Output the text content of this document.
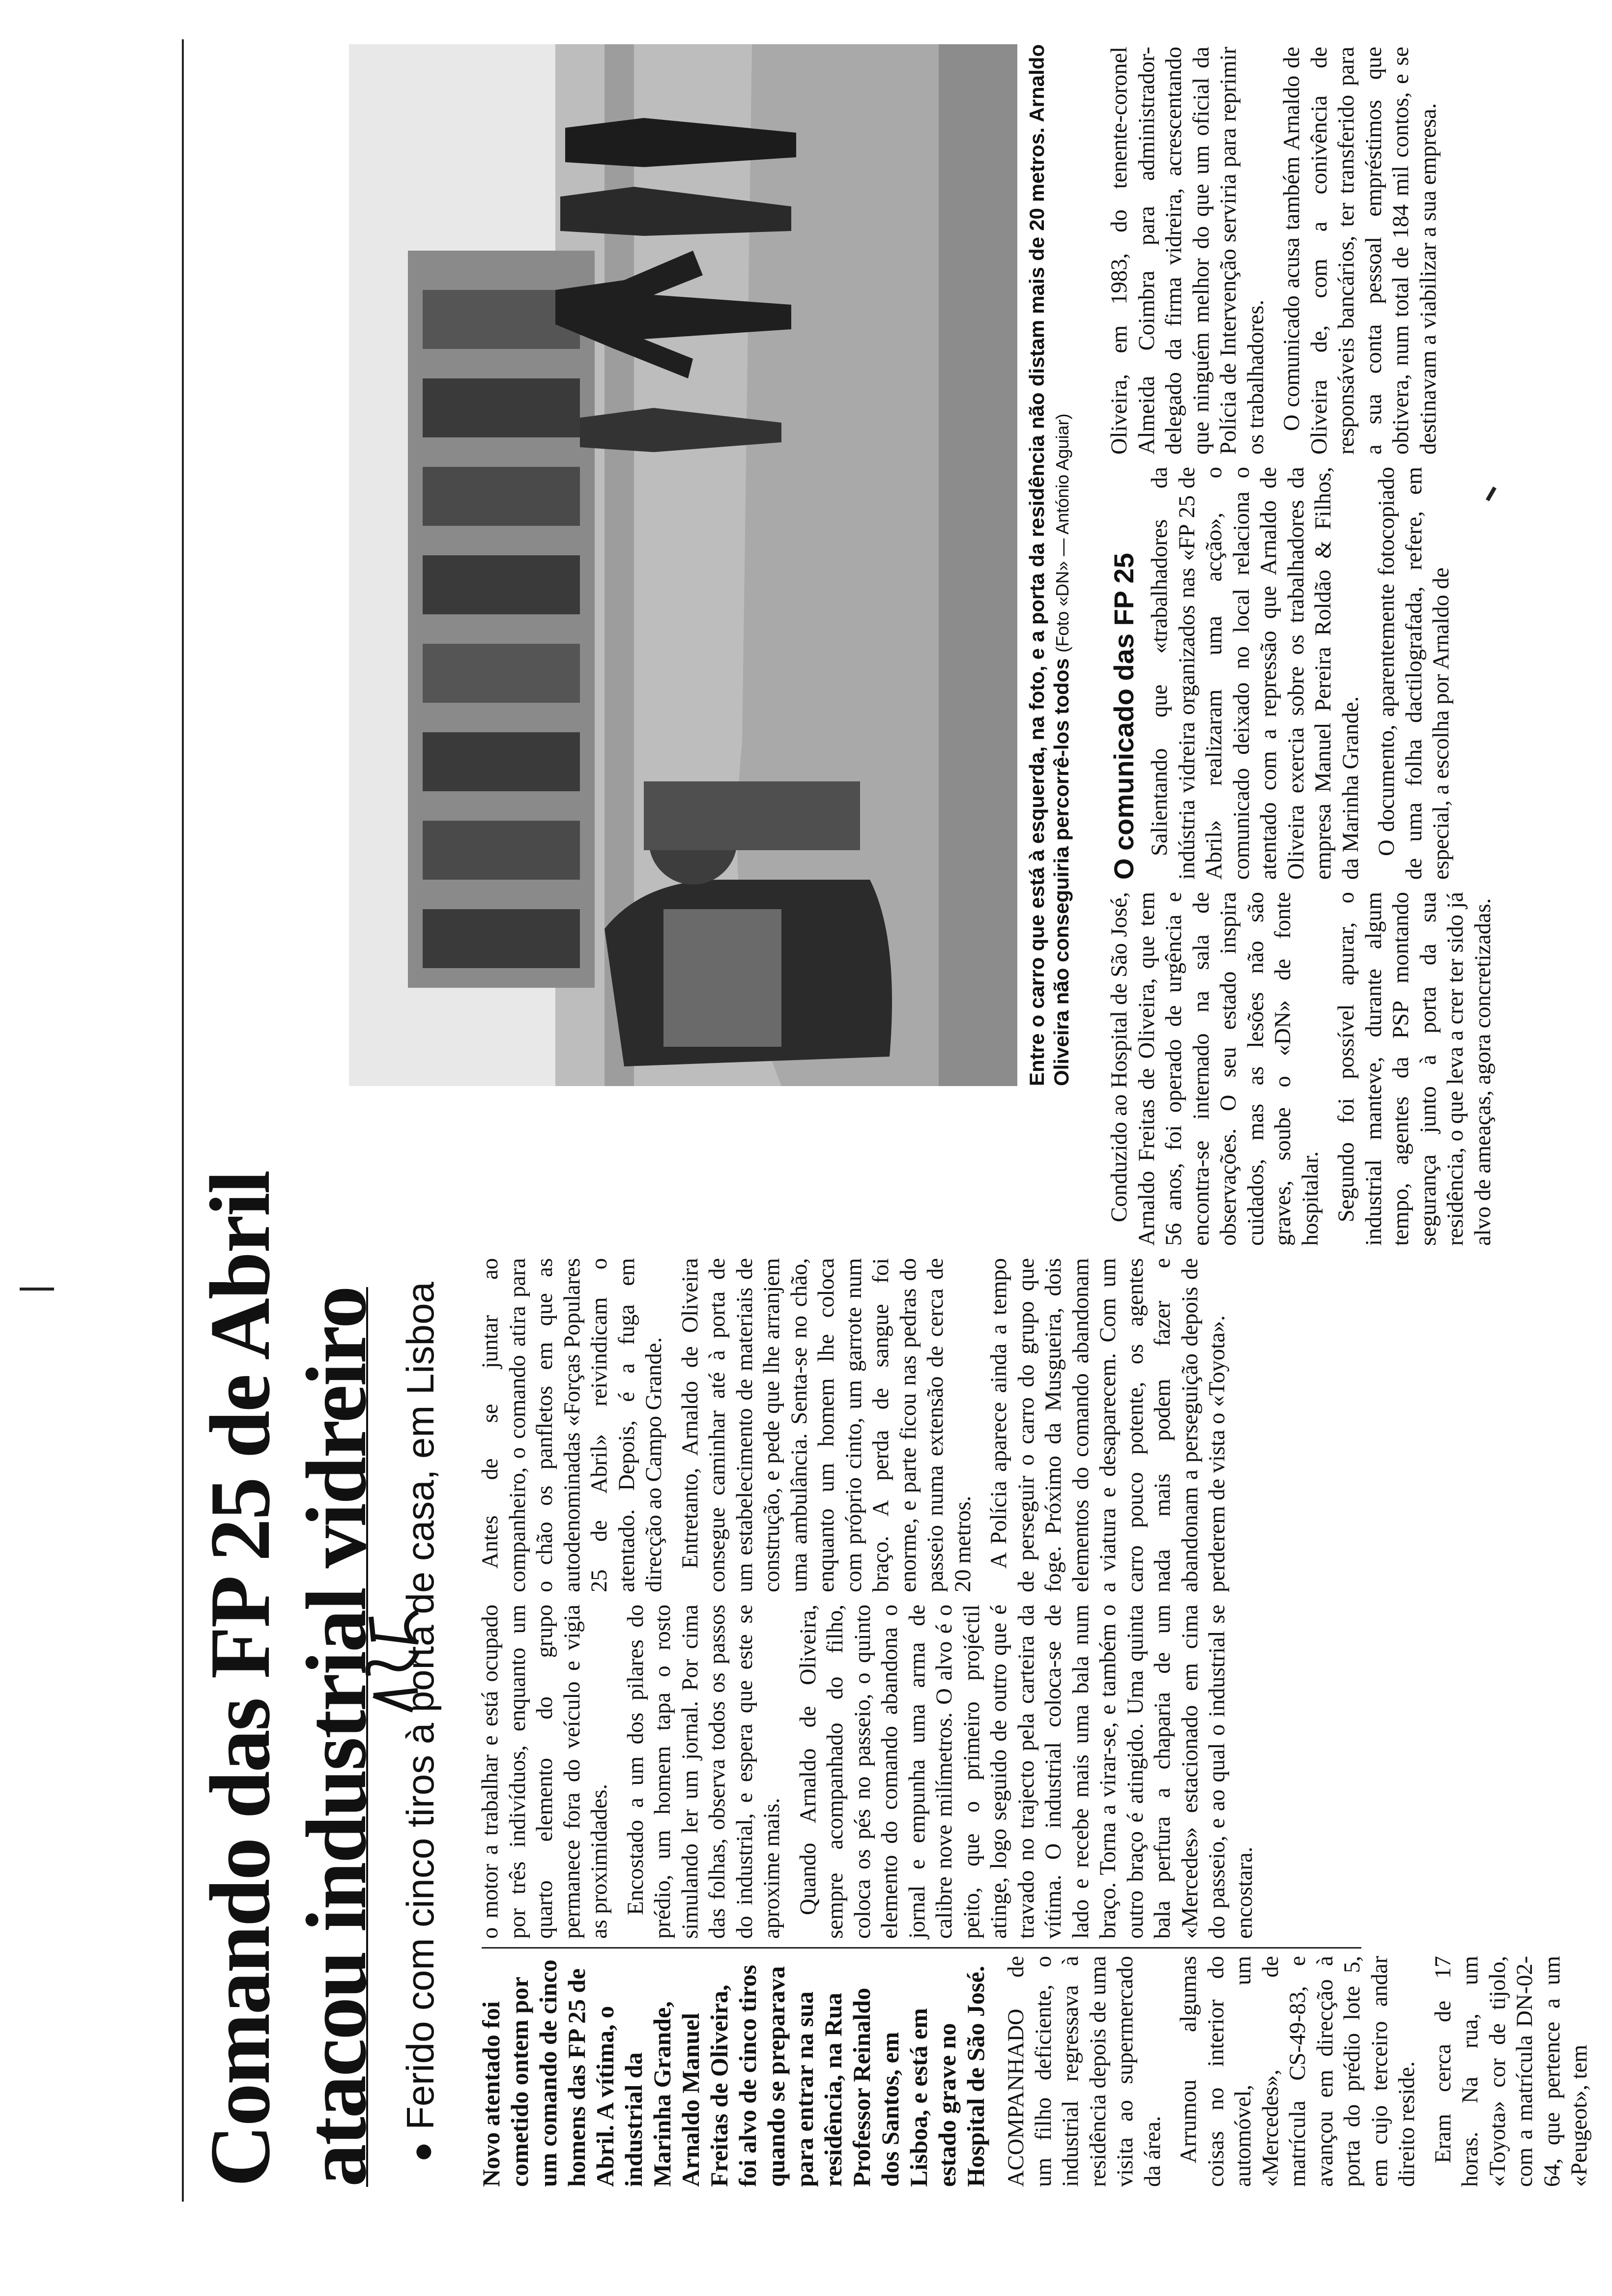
Comando das FP 25 de Abril atacou industrial vidreiro ●Ferido com cinco tiros à porta de casa, em Lisboa Novo atentado foi cometido ontem por um comando de cinco homens das FP 25 de Abril. A vítima, o industrial da Marinha Grande, Arnaldo Manuel Freitas de Oliveira, foi alvo de cinco tiros quando se preparava para entrar na sua residência, na Rua Professor Reinaldo dos Santos, em Lisboa, e está em estado grave no Hospital de São José. ACOMPANHADO de um filho deficiente, o industrial regressava à residência depois de uma visita ao supermercado da área. Arrumou algumas coisas no interior do automóvel, um «Mercedes», de matrícula CS-49-83, e avançou em direcção à porta do prédio lote 5, em cujo terceiro andar direito reside. Eram cerca de 17 horas. Na rua, um «Toyota» cor de tijolo, com a matrícula DN-02-64, que pertence a um «Peugeot», tem

o motor a trabalhar e está ocupado por três indivíduos, enquanto um quarto elemento do grupo permanece fora do veículo e vigia as proximidades. Encostado a um dos pilares do prédio, um homem tapa o rosto simulando ler um jornal. Por cima das folhas, observa todos os passos do industrial, e espera que este se aproxime mais. Quando Arnaldo de Oliveira, sempre acompanhado do filho, coloca os pés no passeio, o quinto elemento do comando abandona o jornal e empunha uma arma de calibre nove milímetros. O alvo é o peito, que o primeiro projéctil atinge, logo seguido de outro que é travado no trajecto pela carteira da vítima. O industrial coloca-se de lado e recebe mais uma bala num braço. Torna a virar-se, e também o outro braço é atingido. Uma quinta bala perfura a chaparia de um «Mercedes» estacionado em cima do passeio, e ao qual o industrial se encostara.

Antes de se juntar ao companheiro, o comando atira para o chão os panfletos em que as autodenominadas «Forças Populares 25 de Abril» reivindicam o atentado. Depois, é a fuga em direcção ao Campo Grande. Entretanto, Arnaldo de Oliveira consegue caminhar até à porta de um estabelecimento de materiais de construção, e pede que lhe arranjem uma ambulância. Senta-se no chão, enquanto um homem lhe coloca com próprio cinto, um garrote num braço. A perda de sangue foi enorme, e parte ficou nas pedras do passeio numa extensão de cerca de 20 metros. A Polícia aparece ainda a tempo de perseguir o carro do grupo que foge. Próximo da Musgueira, dois elementos do comando abandonam a viatura e desaparecem. Com um carro pouco potente, os agentes nada mais podem fazer e abandonam a perseguição depois de perderem de vista o «Toyota».

Entre o carro que está à esquerda, na foto, e a porta da residência não distam mais de 20 metros. Arnaldo Oliveira não conseguiria percorrê-los todos (Foto «DN» — António Aguiar)

Conduzido ao Hospital de São José, Arnaldo Freitas de Oliveira, que tem 56 anos, foi operado de urgência e encontra-se internado na sala de observações. O seu estado inspira cuidados, mas as lesões não são graves, soube o «DN» de fonte hospitalar. Segundo foi possível apurar, o industrial manteve, durante algum tempo, agentes da PSP montando segurança junto à porta da sua residência, o que leva a crer ter sido já alvo de ameaças, agora concretizadas.

O comunicado das FP 25 Salientando que «trabalhadores da indústria vidreira organizados nas «FP 25 de Abril» realizaram uma acção», o comunicado deixado no local relaciona o atentado com a repressão que Arnaldo de Oliveira exercia sobre os trabalhadores da empresa Manuel Pereira Roldão & Filhos, da Marinha Grande. O documento, aparentemente fotocopiado de uma folha dactilografada, refere, em especial, a escolha por Arnaldo de

Oliveira, em 1983, do tenente-coronel Almeida Coimbra para administrador-delegado da firma vidreira, acrescentando que ninguém melhor do que um oficial da Polícia de Intervenção serviria para reprimir os trabalhadores. O comunicado acusa também Arnaldo de Oliveira de, com a conivência de responsáveis bancários, ter transferido para a sua conta pessoal empréstimos que obtivera, num total de 184 mil contos, e se destinavam a viabilizar a sua empresa.
